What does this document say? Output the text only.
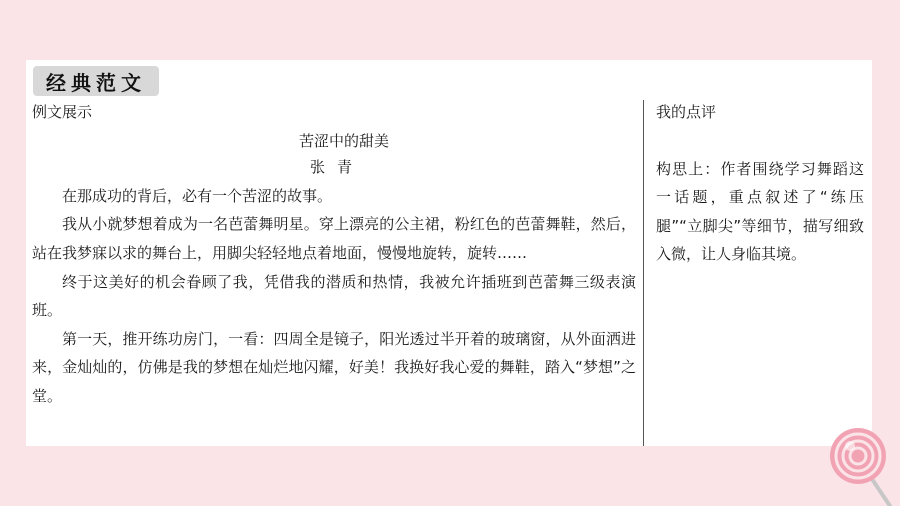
经典范文

例文展示

苦涩中的甜美

张青

在那成功的背后，必有一个苦涩的故事。

我从小就梦想着成为一名芭蕾舞明星。穿上漂亮的公主裙，粉红色的芭蕾舞鞋，然后，站在我梦寐以求的舞台上，用脚尖轻轻地点着地面，慢慢地旋转，旋转……

终于这美好的机会眷顾了我，凭借我的潜质和热情，我被允许插班到芭蕾舞三级表演班。

第一天，推开练功房门，一看：四周全是镜子，阳光透过半开着的玻璃窗，从外面洒进来，金灿灿的，仿佛是我的梦想在灿烂地闪耀，好美！我换好我心爱的舞鞋，踏入“梦想”之堂。

我的点评

构思上：作者围绕学习舞蹈这一话题，重点叙述了“练压腿”“立脚尖”等细节，描写细致入微，让人身临其境。
